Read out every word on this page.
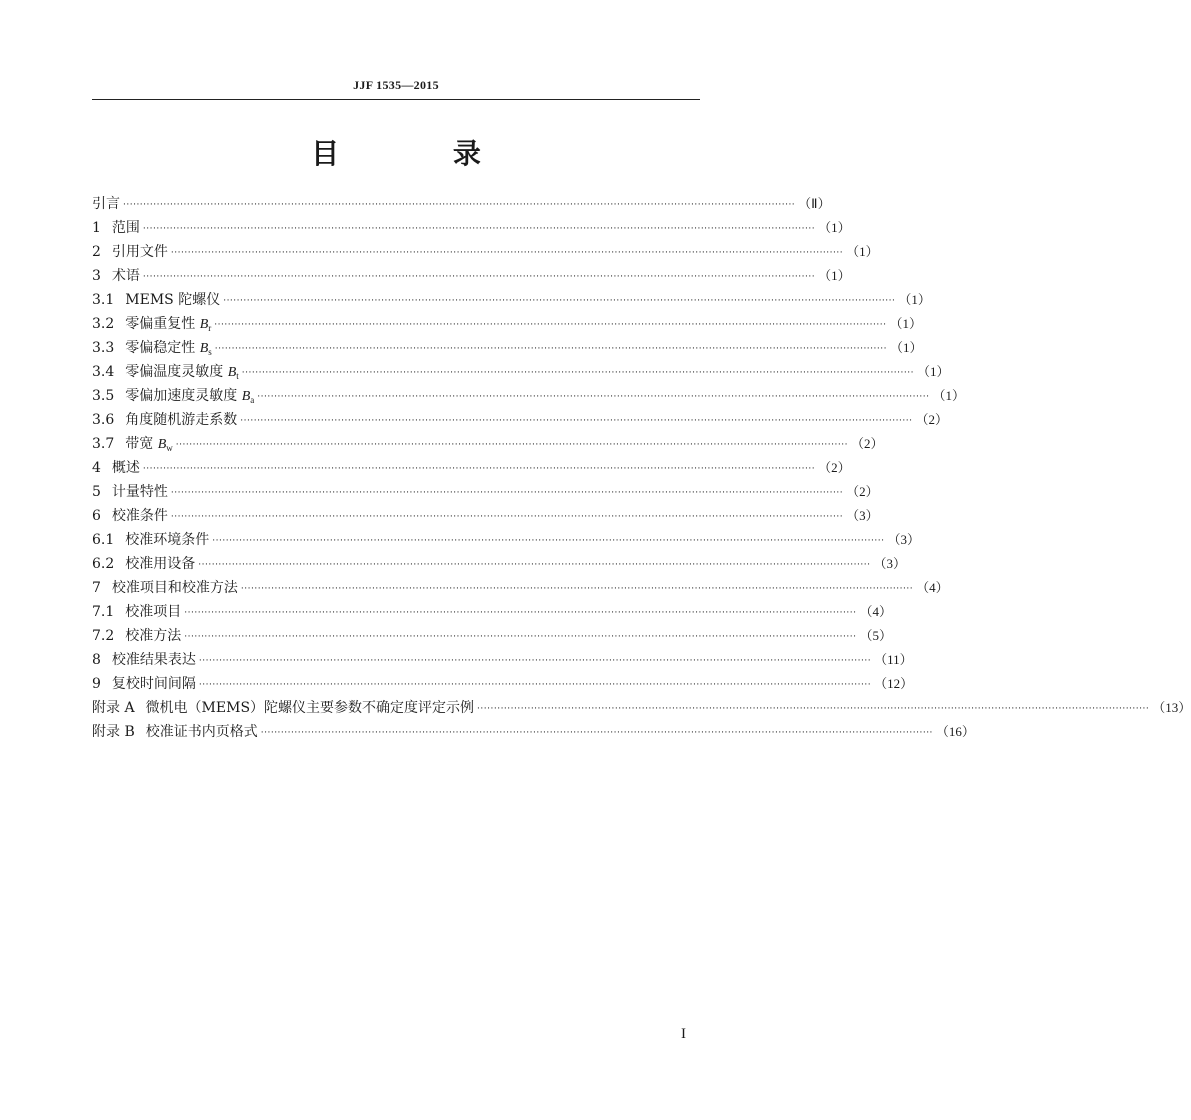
JJF 1535—2015
目 录
引言 ········································································································································································································ （Ⅱ）
1 范围 ········································································································································································································ （1）
2 引用文件 ········································································································································································································ （1）
3 术语 ········································································································································································································ （1）
3.1 MEMS 陀螺仪 ········································································································································································································ （1）
3.2 零偏重复性 $B_r$ ········································································································································································································ （1）
3.3 零偏稳定性 $B_s$ ········································································································································································································ （1）
3.4 零偏温度灵敏度 $B_t$ ········································································································································································································ （1）
3.5 零偏加速度灵敏度 $B_a$ ········································································································································································································ （1）
3.6 角度随机游走系数 ········································································································································································································ （2）
3.7 带宽 $B_w$ ········································································································································································································ （2）
4 概述 ········································································································································································································ （2）
5 计量特性 ········································································································································································································ （2）
6 校准条件 ········································································································································································································ （3）
6.1 校准环境条件 ········································································································································································································ （3）
6.2 校准用设备 ········································································································································································································ （3）
7 校准项目和校准方法 ········································································································································································································ （4）
7.1 校准项目 ········································································································································································································ （4）
7.2 校准方法 ········································································································································································································ （5）
8 校准结果表达 ········································································································································································································ （11）
9 复校时间间隔 ········································································································································································································ （12）
附录 A 微机电（MEMS）陀螺仪主要参数不确定度评定示例 ········································································································································································································ （13）
附录 B 校准证书内页格式 ········································································································································································································ （16）
I
